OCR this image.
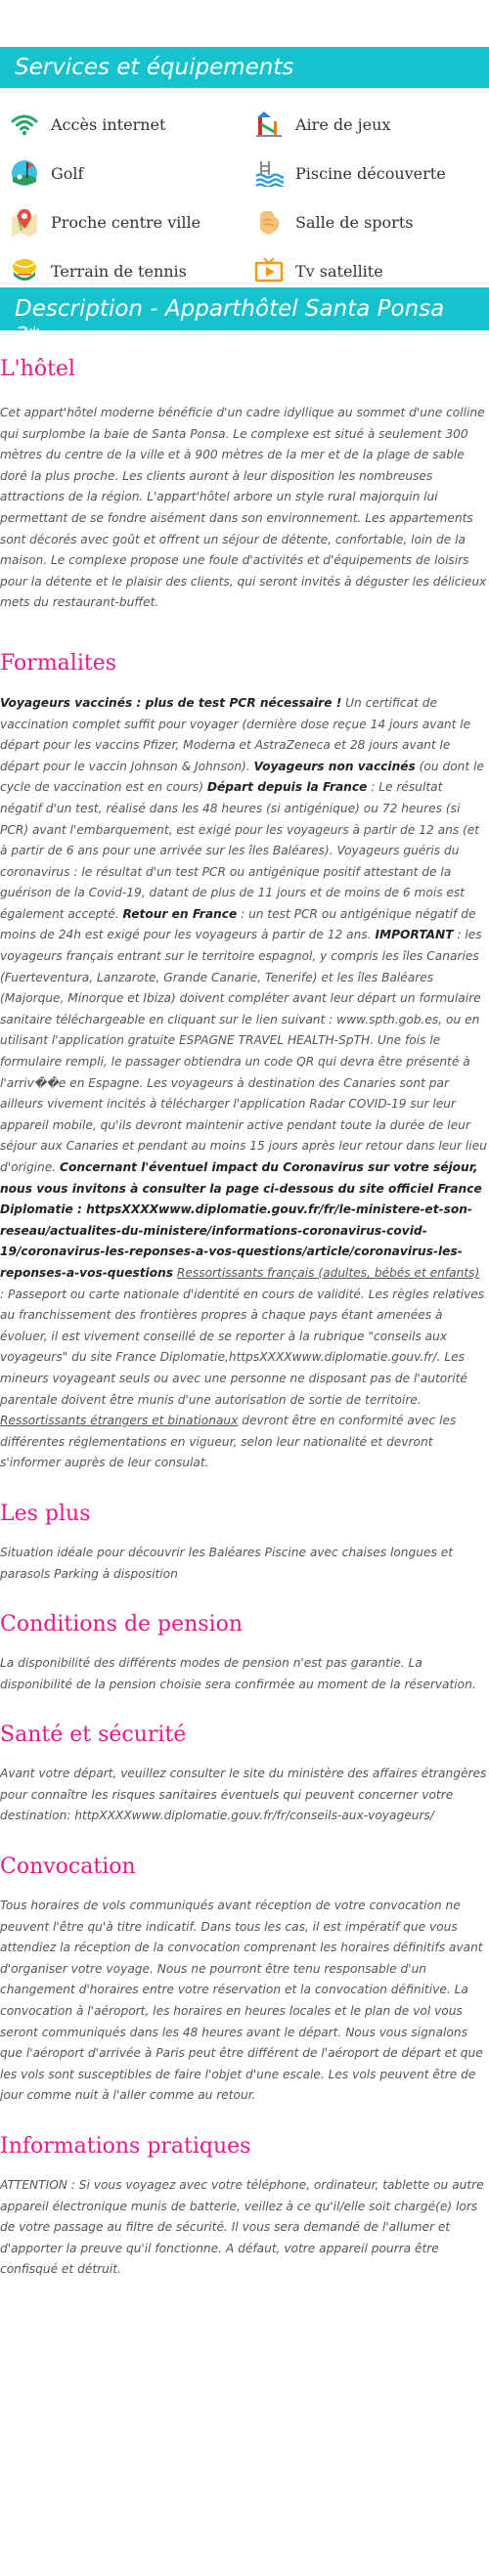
Services et équipements
Accès internet	Aire de jeux
Golf	Piscine découverte
Proche centre ville	Salle de sports
Terrain de tennis	Tv satellite
Description - Apparthôtel Santa Ponsa 3*
L'hôtel

Cet appart'hôtel moderne bénéficie d'un cadre idyllique au sommet d'une colline qui surplombe la baie de Santa Ponsa. Le complexe est situé à seulement 300 mètres du centre de la ville et à 900 mètres de la mer et de la plage de sable doré la plus proche. Les clients auront à leur disposition les nombreuses attractions de la région. L'appart'hôtel arbore un style rural majorquin lui permettant de se fondre aisément dans son environnement. Les appartements sont décorés avec goût et offrent un séjour de détente, confortable, loin de la maison. Le complexe propose une foule d'activités et d'équipements de loisirs pour la détente et le plaisir des clients, qui seront invités à déguster les délicieux mets du restaurant-buffet.

Formalites

Voyageurs vaccinés : plus de test PCR nécessaire ! Un certificat de vaccination complet suffit pour voyager (dernière dose reçue 14 jours avant le départ pour les vaccins Pfizer, Moderna et AstraZeneca et 28 jours avant le départ pour le vaccin Johnson & Johnson). Voyageurs non vaccinés (ou dont le cycle de vaccination est en cours) Départ depuis la France : Le résultat négatif d'un test, réalisé dans les 48 heures (si antigénique) ou 72 heures (si PCR) avant l'embarquement, est exigé pour les voyageurs à partir de 12 ans (et à partir de 6 ans pour une arrivée sur les îles Baléares). Voyageurs guéris du coronavirus : le résultat d'un test PCR ou antigénique positif attestant de la guérison de la Covid-19, datant de plus de 11 jours et de moins de 6 mois est également accepté. Retour en France : un test PCR ou antigénique négatif de moins de 24h est exigé pour les voyageurs à partir de 12 ans. IMPORTANT : les voyageurs français entrant sur le territoire espagnol, y compris les îles Canaries (Fuerteventura, Lanzarote, Grande Canarie, Tenerife) et les îles Baléares (Majorque, Minorque et Ibiza) doivent compléter avant leur départ un formulaire sanitaire téléchargeable en cliquant sur le lien suivant : www.spth.gob.es, ou en utilisant l'application gratuite ESPAGNE TRAVEL HEALTH-SpTH. Une fois le formulaire rempli, le passager obtiendra un code QR qui devra être présenté à l'arriv��e en Espagne. Les voyageurs à destination des Canaries sont par ailleurs vivement incités à télécharger l'application Radar COVID-19 sur leur appareil mobile, qu'ils devront maintenir active pendant toute la durée de leur séjour aux Canaries et pendant au moins 15 jours après leur retour dans leur lieu d'origine. Concernant l'éventuel impact du Coronavirus sur votre séjour, nous vous invitons à consulter la page ci-dessous du site officiel France Diplomatie : httpsXXXXwww.diplomatie.gouv.fr/fr/le-ministere-et-son-reseau/actualites-du-ministere/informations-coronavirus-covid-19/coronavirus-les-reponses-a-vos-questions/article/coronavirus-les-reponses-a-vos-questions Ressortissants français (adultes, bébés et enfants) : Passeport ou carte nationale d'identité en cours de validité. Les règles relatives au franchissement des frontières propres à chaque pays étant amenées à évoluer, il est vivement conseillé de se reporter à la rubrique "conseils aux voyageurs" du site France Diplomatie,httpsXXXXwww.diplomatie.gouv.fr/. Les mineurs voyageant seuls ou avec une personne ne disposant pas de l'autorité parentale doivent être munis d'une autorisation de sortie de territoire. Ressortissants étrangers et binationaux devront être en conformité avec les différentes réglementations en vigueur, selon leur nationalité et devront s'informer auprès de leur consulat.

Les plus

Situation idéale pour découvrir les Baléares Piscine avec chaises longues et parasols Parking à disposition

Conditions de pension

La disponibilité des différents modes de pension n'est pas garantie. La disponibilité de la pension choisie sera confirmée au moment de la réservation.

Santé et sécurité

Avant votre départ, veuillez consulter le site du ministère des affaires étrangères pour connaître les risques sanitaires éventuels qui peuvent concerner votre destination: httpXXXXwww.diplomatie.gouv.fr/fr/conseils-aux-voyageurs/

Convocation

Tous horaires de vols communiqués avant réception de votre convocation ne peuvent l'être qu'à titre indicatif. Dans tous les cas, il est impératif que vous attendiez la réception de la convocation comprenant les horaires définitifs avant d'organiser votre voyage. Nous ne pourront être tenu responsable d'un changement d'horaires entre votre réservation et la convocation définitive. La convocation à l'aéroport, les horaires en heures locales et le plan de vol vous seront communiqués dans les 48 heures avant le départ. Nous vous signalons que l'aéroport d'arrivée à Paris peut être différent de l'aéroport de départ et que les vols sont susceptibles de faire l'objet d'une escale. Les vols peuvent être de jour comme nuit à l'aller comme au retour.

Informations pratiques

ATTENTION : Si vous voyagez avec votre téléphone, ordinateur, tablette ou autre appareil électronique munis de batterie, veillez à ce qu'il/elle soit chargé(e) lors de votre passage au filtre de sécurité. Il vous sera demandé de l'allumer et d'apporter la preuve qu'il fonctionne. A défaut, votre appareil pourra être confisqué et détruit.
